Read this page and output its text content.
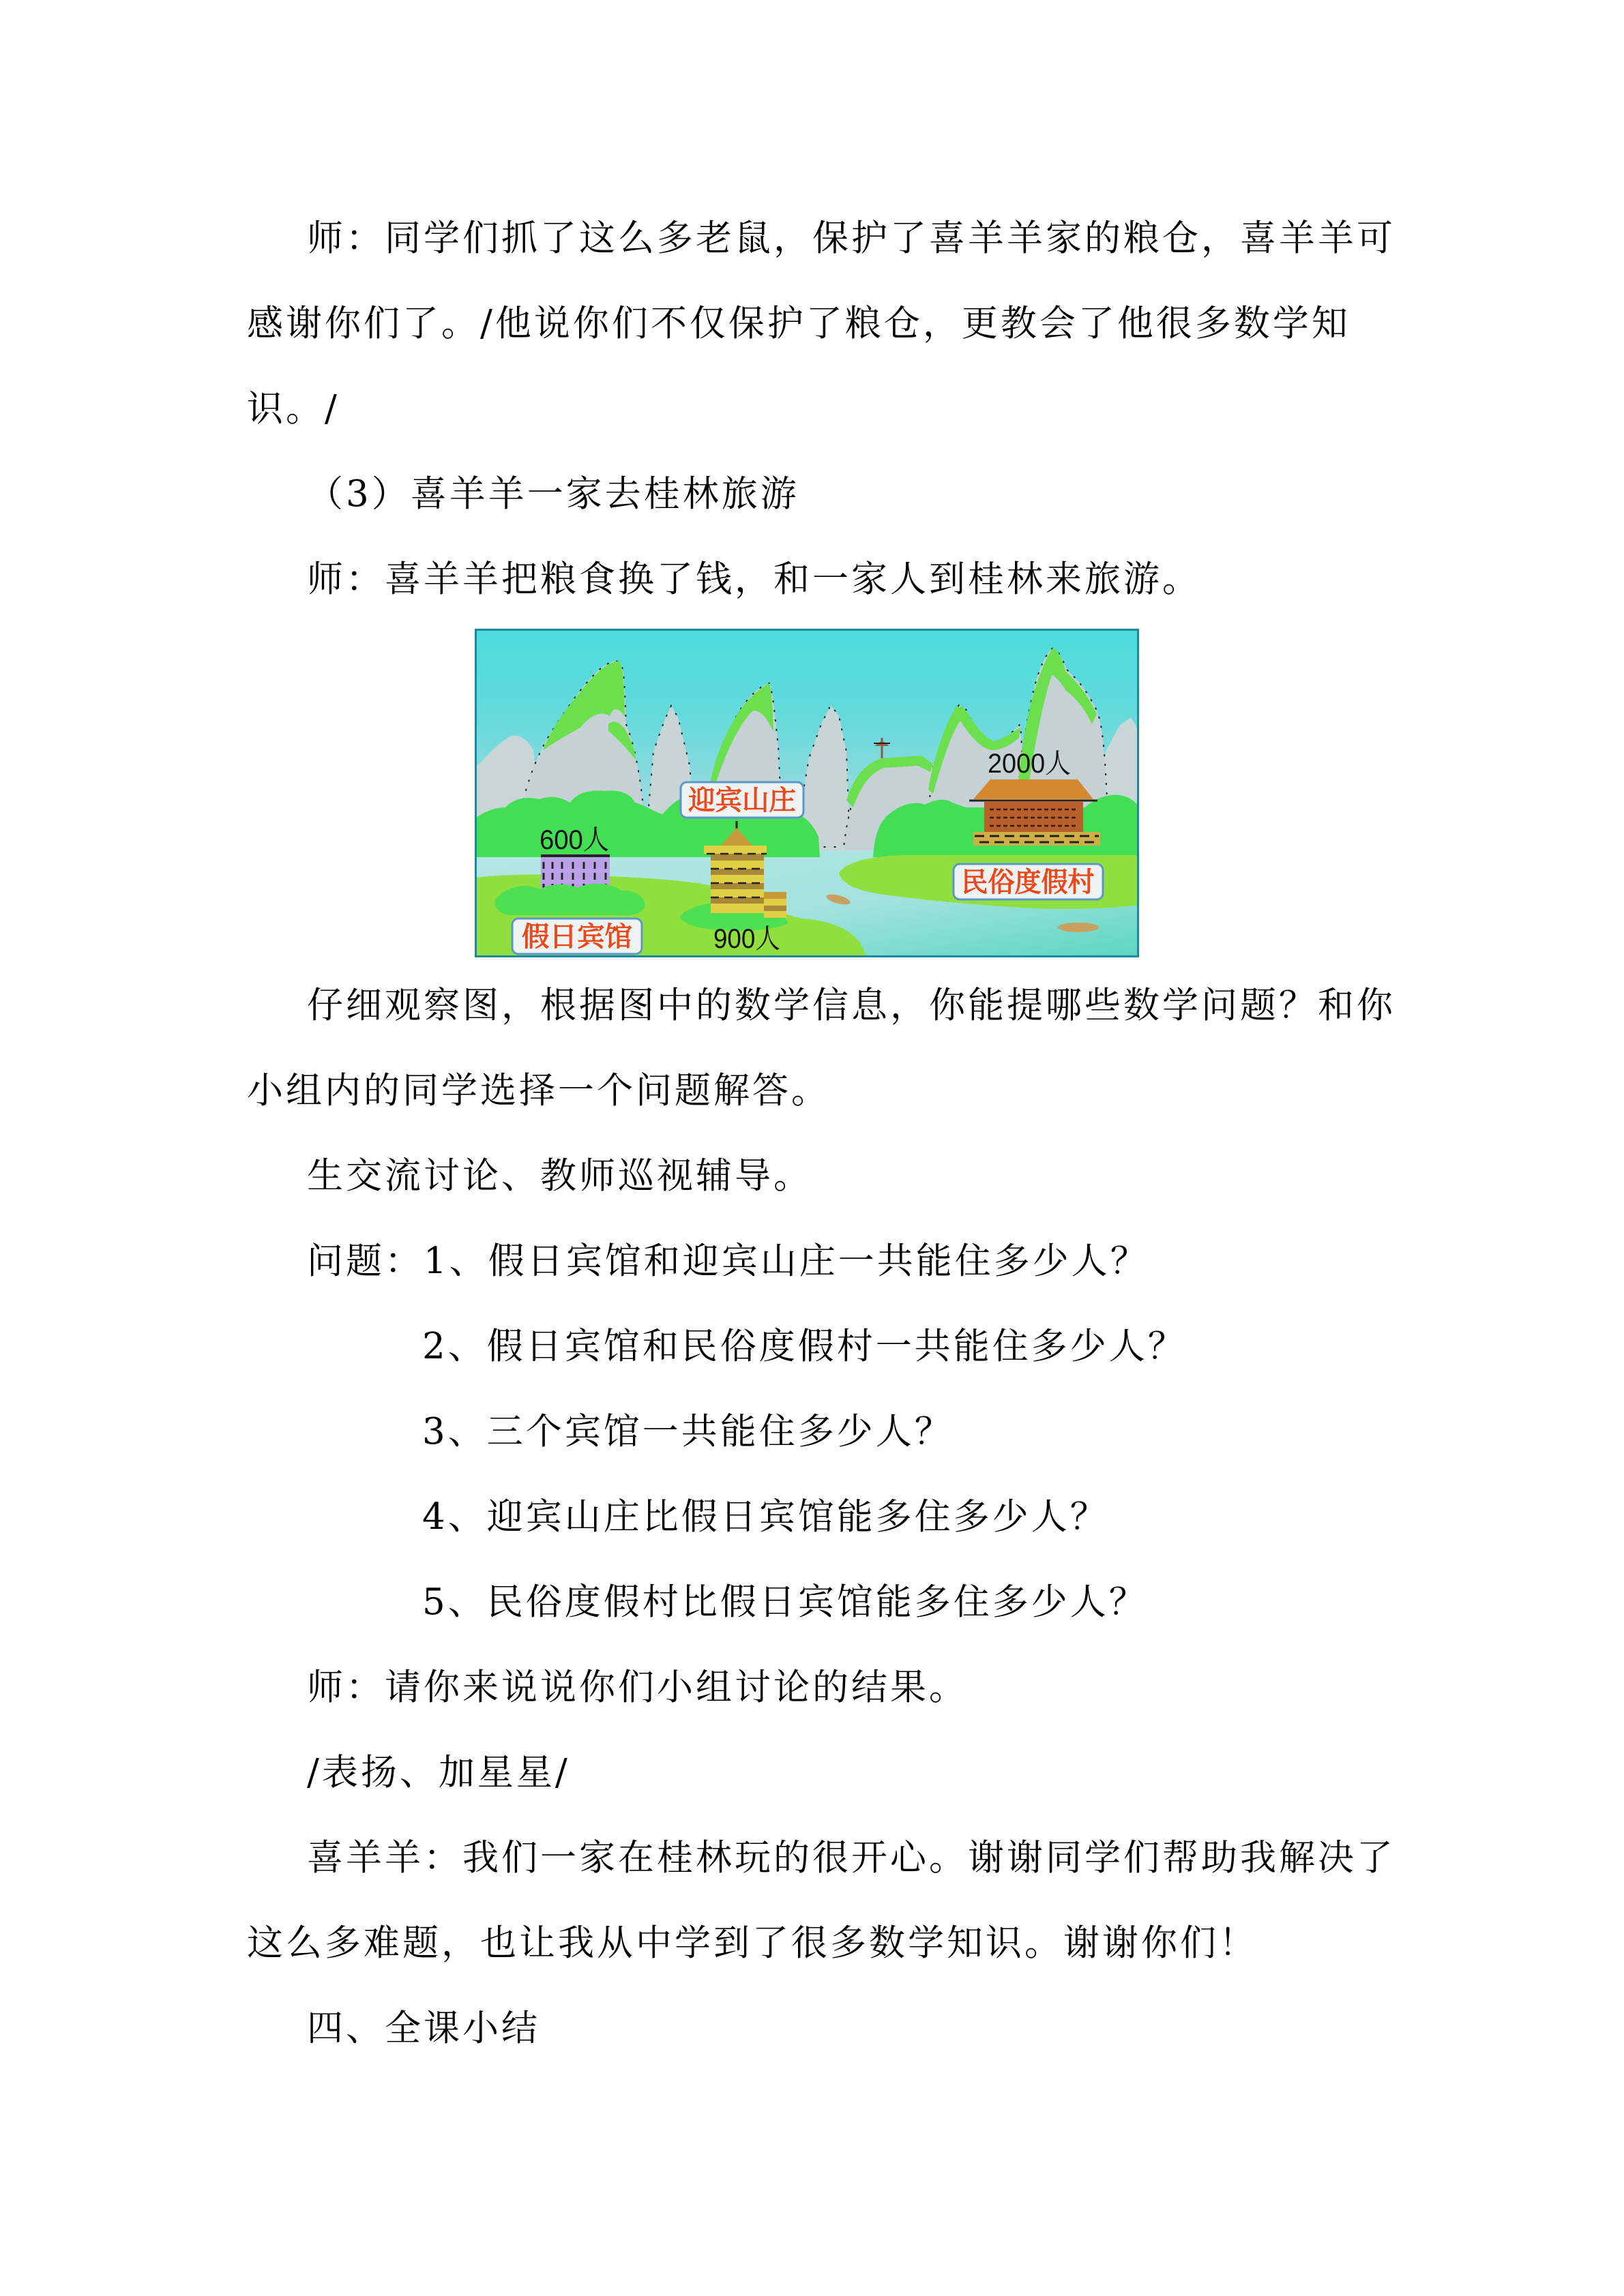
师：同学们抓了这么多老鼠，保护了喜羊羊家的粮仓，喜羊羊可
感谢你们了。/他说你们不仅保护了粮仓，更教会了他很多数学知
识。/
（3）喜羊羊一家去桂林旅游
师：喜羊羊把粮食换了钱，和一家人到桂林来旅游。
600人
900人
2000人
迎宾山庄
假日宾馆
民俗度假村
仔细观察图，根据图中的数学信息，你能提哪些数学问题？和你
小组内的同学选择一个问题解答。
生交流讨论、教师巡视辅导。
问题：1、假日宾馆和迎宾山庄一共能住多少人？
2、假日宾馆和民俗度假村一共能住多少人？
3、三个宾馆一共能住多少人？
4、迎宾山庄比假日宾馆能多住多少人？
5、民俗度假村比假日宾馆能多住多少人？
师：请你来说说你们小组讨论的结果。
/表扬、加星星/
喜羊羊：我们一家在桂林玩的很开心。谢谢同学们帮助我解决了
这么多难题，也让我从中学到了很多数学知识。谢谢你们！
四、全课小结
